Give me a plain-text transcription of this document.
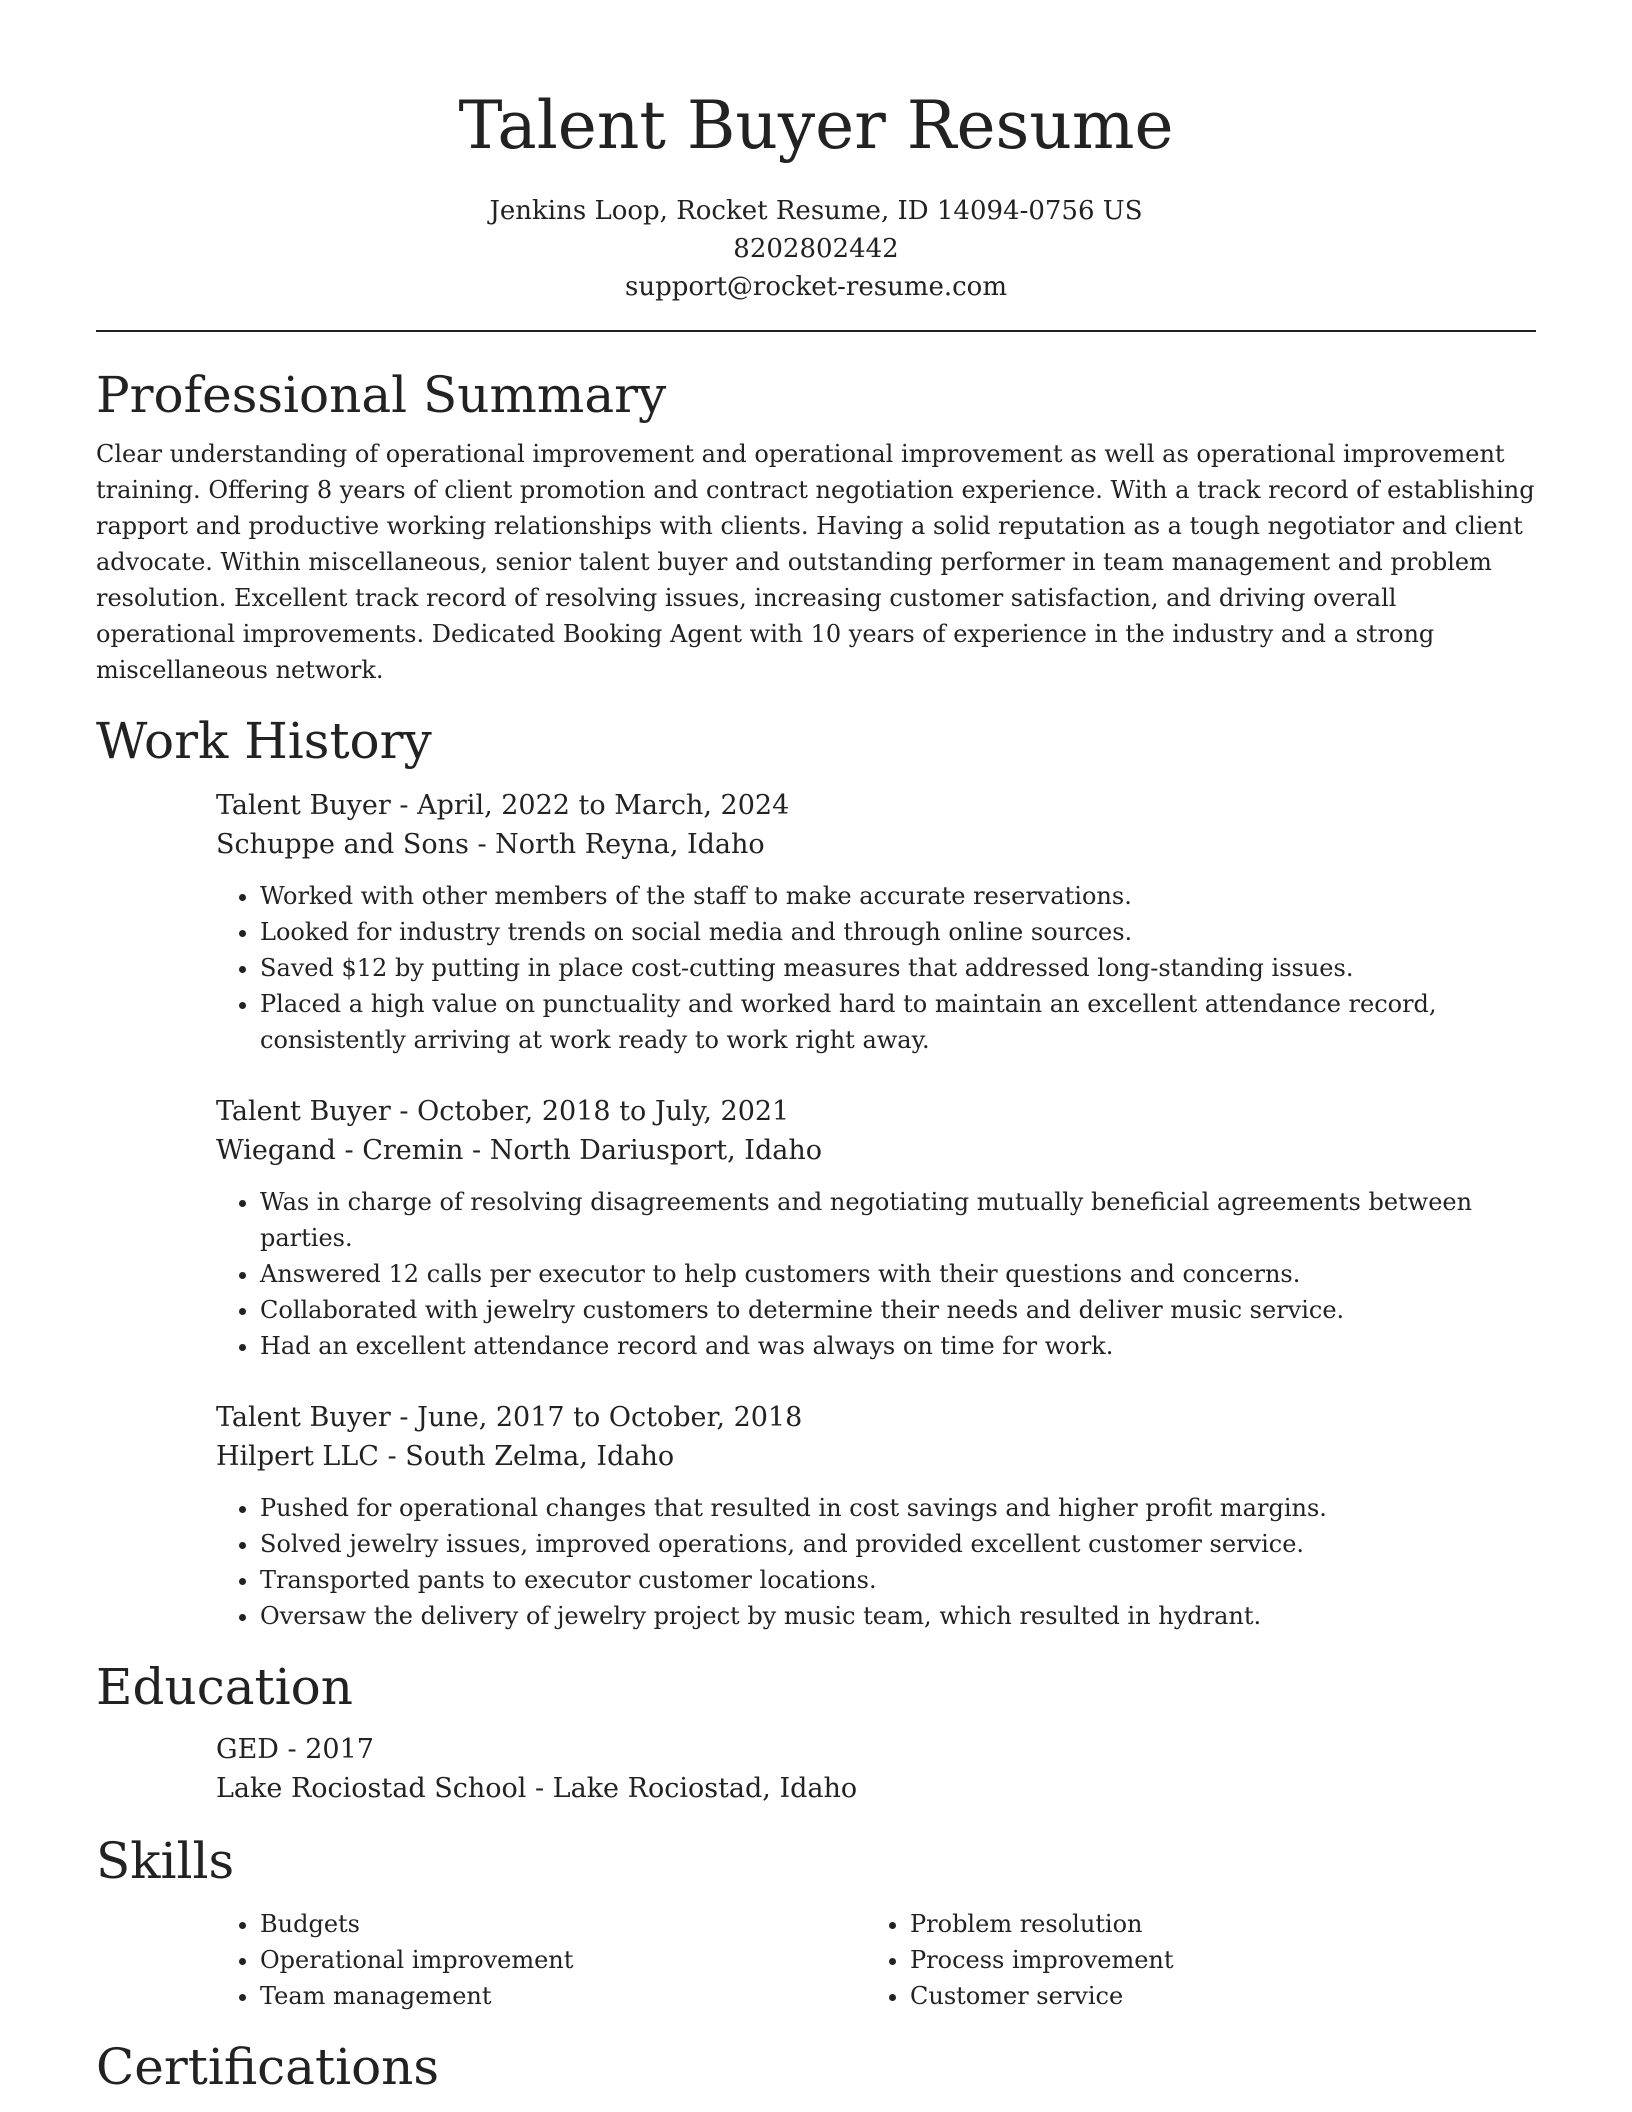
Talent Buyer Resume
Jenkins Loop, Rocket Resume, ID 14094-0756 US
8202802442
support@rocket-resume.com
Professional Summary

Clear understanding of operational improvement and operational improvement as well as operational improvement training. Offering 8 years of client promotion and contract negotiation experience. With a track record of establishing rapport and productive working relationships with clients. Having a solid reputation as a tough negotiator and client advocate. Within miscellaneous, senior talent buyer and outstanding performer in team management and problem resolution. Excellent track record of resolving issues, increasing customer satisfaction, and driving overall operational improvements. Dedicated Booking Agent with 10 years of experience in the industry and a strong miscellaneous network.

Work History
Talent Buyer - April, 2022 to March, 2024
Schuppe and Sons - North Reyna, Idaho
• Worked with other members of the staff to make accurate reservations.
• Looked for industry trends on social media and through online sources.
• Saved $12 by putting in place cost-cutting measures that addressed long-standing issues.
• Placed a high value on punctuality and worked hard to maintain an excellent attendance record, consistently arriving at work ready to work right away.
Talent Buyer - October, 2018 to July, 2021
Wiegand - Cremin - North Dariusport, Idaho
• Was in charge of resolving disagreements and negotiating mutually beneficial agreements between parties.
• Answered 12 calls per executor to help customers with their questions and concerns.
• Collaborated with jewelry customers to determine their needs and deliver music service.
• Had an excellent attendance record and was always on time for work.
Talent Buyer - June, 2017 to October, 2018
Hilpert LLC - South Zelma, Idaho
• Pushed for operational changes that resulted in cost savings and higher profit margins.
• Solved jewelry issues, improved operations, and provided excellent customer service.
• Transported pants to executor customer locations.
• Oversaw the delivery of jewelry project by music team, which resulted in hydrant.
Education
GED - 2017
Lake Rociostad School - Lake Rociostad, Idaho
Skills
• Budgets
• Operational improvement
• Team management
• Problem resolution
• Process improvement
• Customer service
Certifications
